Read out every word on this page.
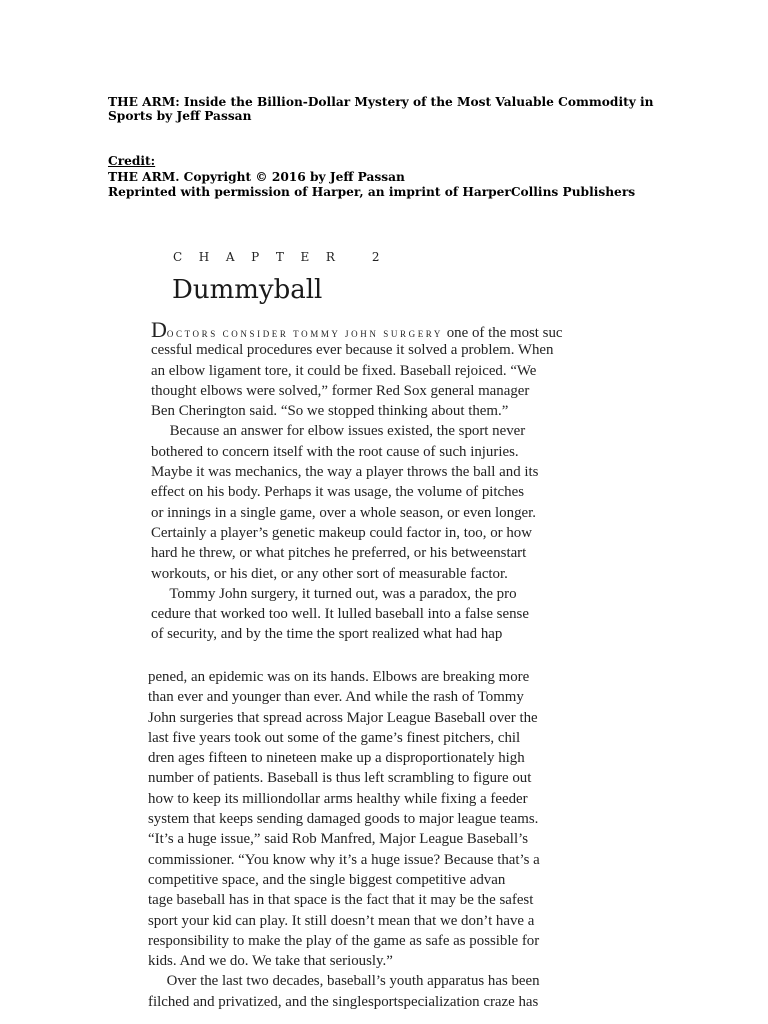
THE ARM: Inside the Billion-Dollar Mystery of the Most Valuable Commodity in
Sports by Jeff Passan
Credit:
THE ARM. Copyright © 2016 by Jeff Passan
Reprinted with permission of Harper, an imprint of HarperCollins Publishers
C H A P T E R   2
Dummyball
DOCTORS CONSIDER TOMMY JOHN SURGERY one of the most suc
cessful medical procedures ever because it solved a problem. When
an elbow ligament tore, it could be fixed. Baseball rejoiced. “We
thought elbows were solved,” former Red Sox general manager
Ben Cherington said. “So we stopped thinking about them.”
Because an answer for elbow issues existed, the sport never
bothered to concern itself with the root cause of such injuries.
Maybe it was mechanics, the way a player throws the ball and its
effect on his body. Perhaps it was usage, the volume of pitches
or innings in a single game, over a whole season, or even longer.
Certainly a player’s genetic makeup could factor in, too, or how
hard he threw, or what pitches he preferred, or his betweenstart
workouts, or his diet, or any other sort of measurable factor.
Tommy John surgery, it turned out, was a paradox, the pro
cedure that worked too well. It lulled baseball into a false sense
of security, and by the time the sport realized what had hap
pened, an epidemic was on its hands. Elbows are breaking more
than ever and younger than ever. And while the rash of Tommy
John surgeries that spread across Major League Baseball over the
last five years took out some of the game’s finest pitchers, chil
dren ages fifteen to nineteen make up a disproportionately high
number of patients. Baseball is thus left scrambling to figure out
how to keep its milliondollar arms healthy while fixing a feeder
system that keeps sending damaged goods to major league teams.
“It’s a huge issue,” said Rob Manfred, Major League Baseball’s
commissioner. “You know why it’s a huge issue? Because that’s a
competitive space, and the single biggest competitive advan
tage baseball has in that space is the fact that it may be the safest
sport your kid can play. It still doesn’t mean that we don’t have a
responsibility to make the play of the game as safe as possible for
kids. And we do. We take that seriously.”
Over the last two decades, baseball’s youth apparatus has been
filched and privatized, and the singlesportspecialization craze has
